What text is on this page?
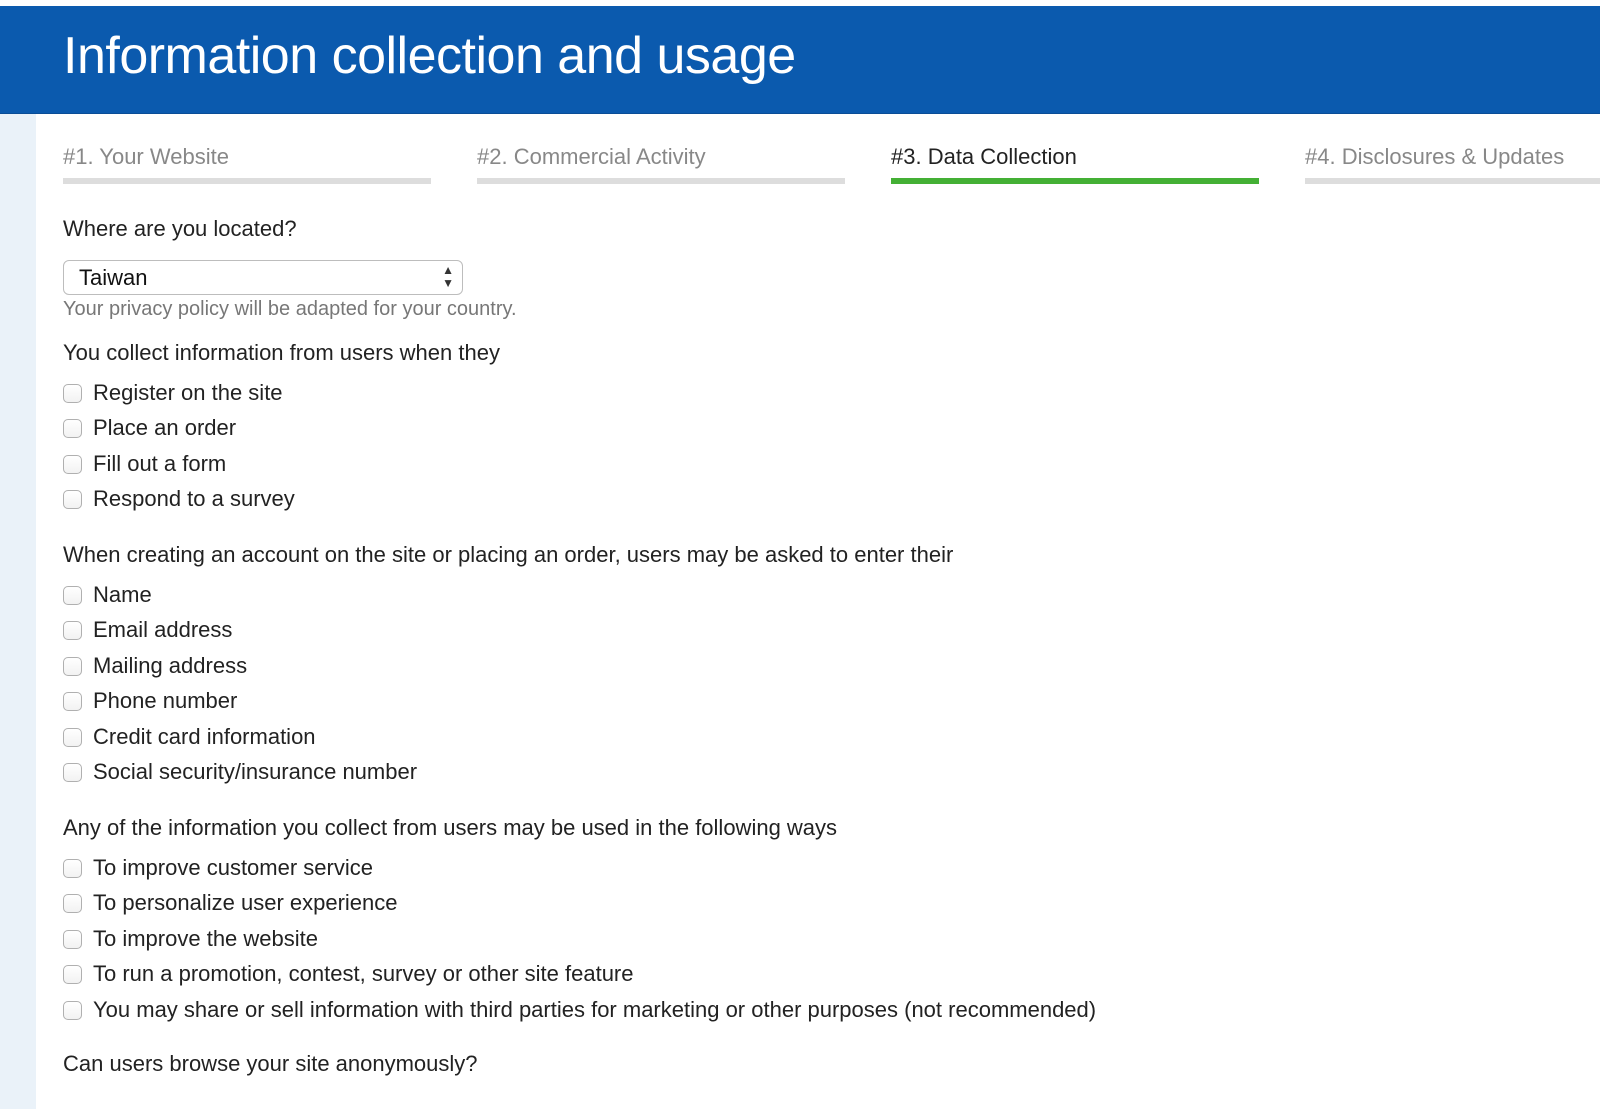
Information collection and usage
#1. Your Website	#2. Commercial Activity	#3. Data Collection	#4. Disclosures & Updates
Where are you located?
Taiwan	▲
▼
Your privacy policy will be adapted for your country.
You collect information from users when they
Register on the site
Place an order
Fill out a form
Respond to a survey
When creating an account on the site or placing an order, users may be asked to enter their
Name
Email address
Mailing address
Phone number
Credit card information
Social security/insurance number
Any of the information you collect from users may be used in the following ways
To improve customer service
To personalize user experience
To improve the website
To run a promotion, contest, survey or other site feature
You may share or sell information with third parties for marketing or other purposes (not recommended)
Can users browse your site anonymously?
